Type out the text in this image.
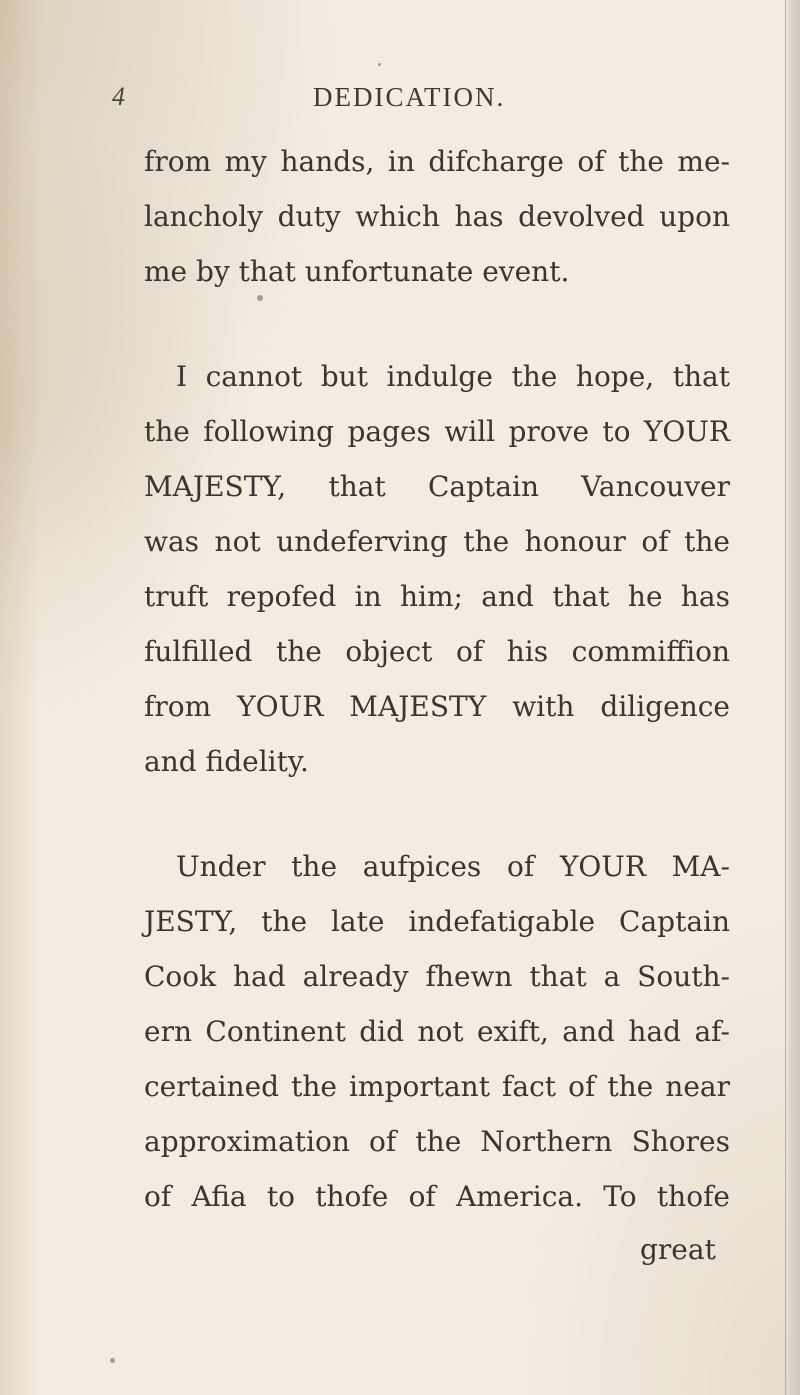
4	DEDICATION.
from my hands, in difcharge of the me-
lancholy duty which has devolved upon
me by that unfortunate event.
I cannot but indulge the hope, that
the following pages will prove to YOUR
MAJESTY, that Captain Vancouver
was not undeferving the honour of the
truft repofed in him; and that he has
fulfilled the object of his commiffion
from YOUR MAJESTY with diligence
and fidelity.
Under the aufpices of YOUR MA-
JESTY, the late indefatigable Captain
Cook had already fhewn that a South-
ern Continent did not exift, and had af-
certained the important fact of the near
approximation of the Northern Shores
of Afia to thofe of America. To thofe
great
